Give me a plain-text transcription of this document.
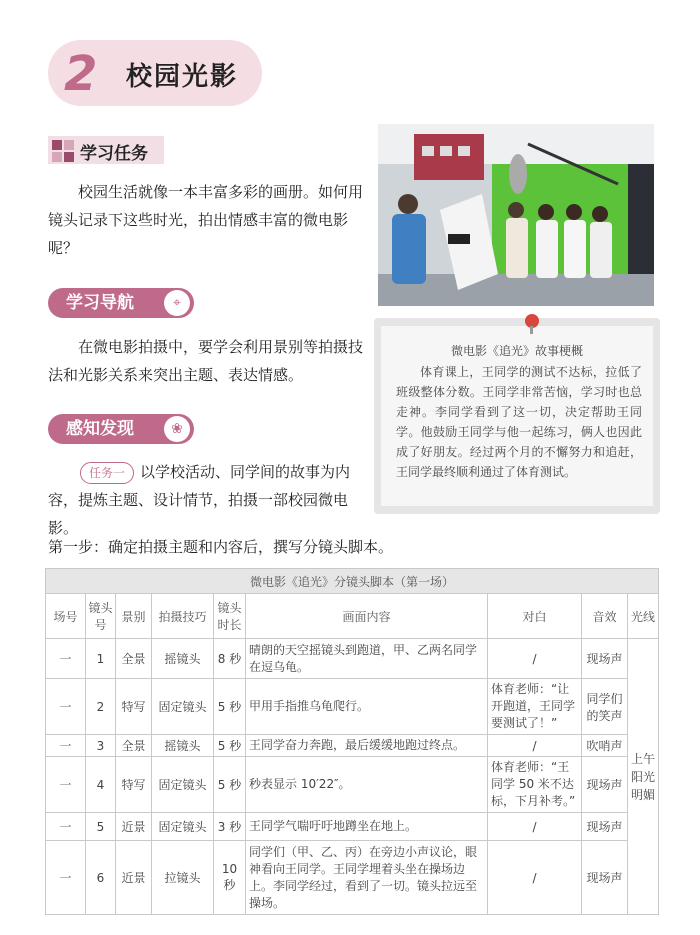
2 校园光影
学习任务
校园生活就像一本丰富多彩的画册。如何用镜头记录下这些时光，拍出情感丰富的微电影呢？
学习导航	⌖
在微电影拍摄中，要学会利用景别等拍摄技法和光影关系来突出主题、表达情感。
感知发现	❀
以学校活动、同学间的故事为内容，提炼主题、设计情节，拍摄一部校园微电影。
任务一
微电影《追光》故事梗概
体育课上，王同学的测试不达标，拉低了班级整体分数。王同学非常苦恼，学习时也总走神。李同学看到了这一切，决定帮助王同学。他鼓励王同学与他一起练习，俩人也因此成了好朋友。经过两个月的不懈努力和追赶，王同学最终顺利通过了体育测试。
第一步：确定拍摄主题和内容后，撰写分镜头脚本。
微电影《追光》分镜头脚本（第一场）								
场号	镜头号	景别	拍摄技巧	镜头时长	画面内容	对白	音效	光线
一	1	全景	摇镜头	8 秒	晴朗的天空摇镜头到跑道，甲、乙两名同学在逗乌龟。	/	现场声	上午阳光明媚
一	2	特写	固定镜头	5 秒	甲用手指推乌龟爬行。	体育老师：“让开跑道，王同学要测试了！”	同学们的笑声	
一	3	全景	摇镜头	5 秒	王同学奋力奔跑，最后缓缓地跑过终点。	/	吹哨声	
一	4	特写	固定镜头	5 秒	秒表显示 10′22″。	体育老师：“王同学 50 米不达标，下月补考。”	现场声	
一	5	近景	固定镜头	3 秒	王同学气喘吁吁地蹲坐在地上。	/	现场声	
一	6	近景	拉镜头	10 秒	同学们（甲、乙、丙）在旁边小声议论，眼神看向王同学。王同学埋着头坐在操场边上。李同学经过，看到了一切。镜头拉远至操场。	/	现场声	
